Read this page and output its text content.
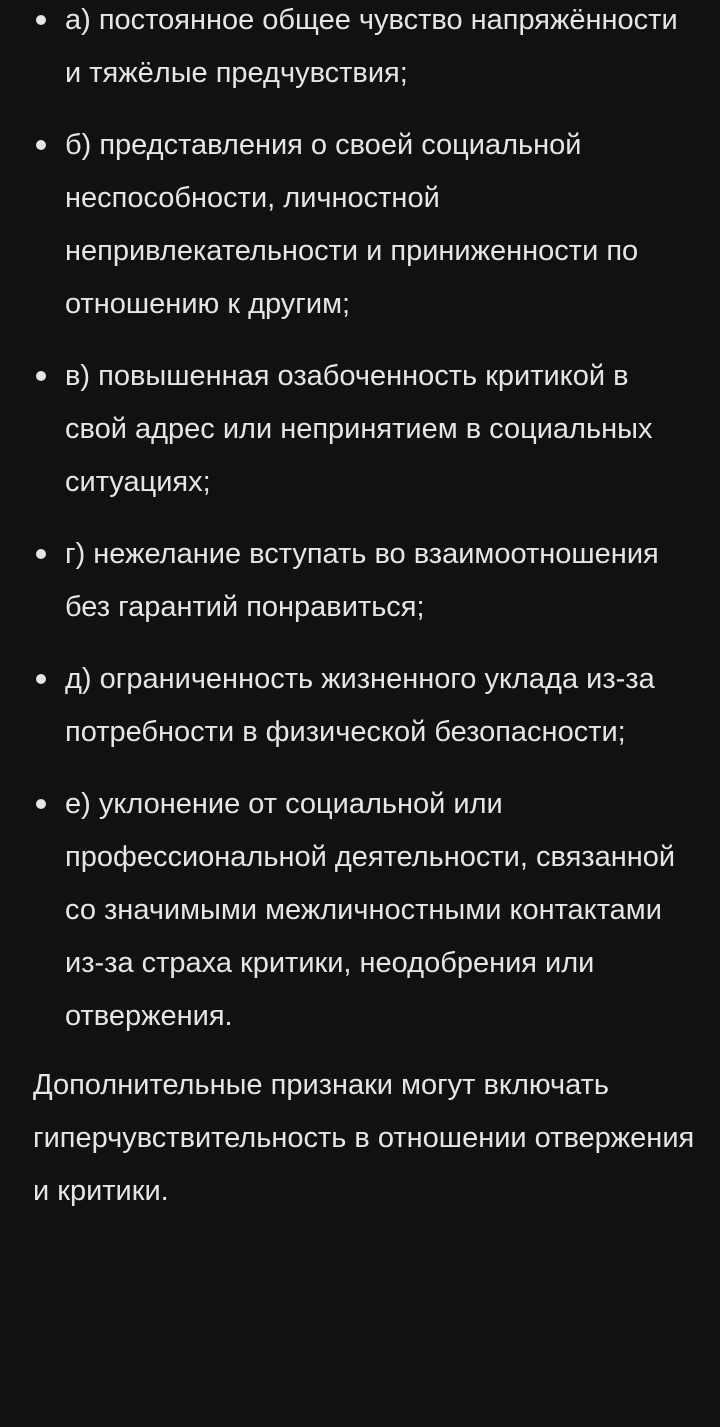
а) постоянное общее чувство напряжённости и тяжёлые предчувствия;
б) представления о своей социальной неспособности, личностной непривлекательности и приниженности по отношению к другим;
в) повышенная озабоченность критикой в свой адрес или непринятием в социальных ситуациях;
г) нежелание вступать во взаимоотношения без гарантий понравиться;
д) ограниченность жизненного уклада из-за потребности в физической безопасности;
е) уклонение от социальной или профессиональной деятельности, связанной со значимыми межличностными контактами из-за страха критики, неодобрения или отвержения.

Дополнительные признаки могут включать гиперчувствительность в отношении отвержения и критики.
